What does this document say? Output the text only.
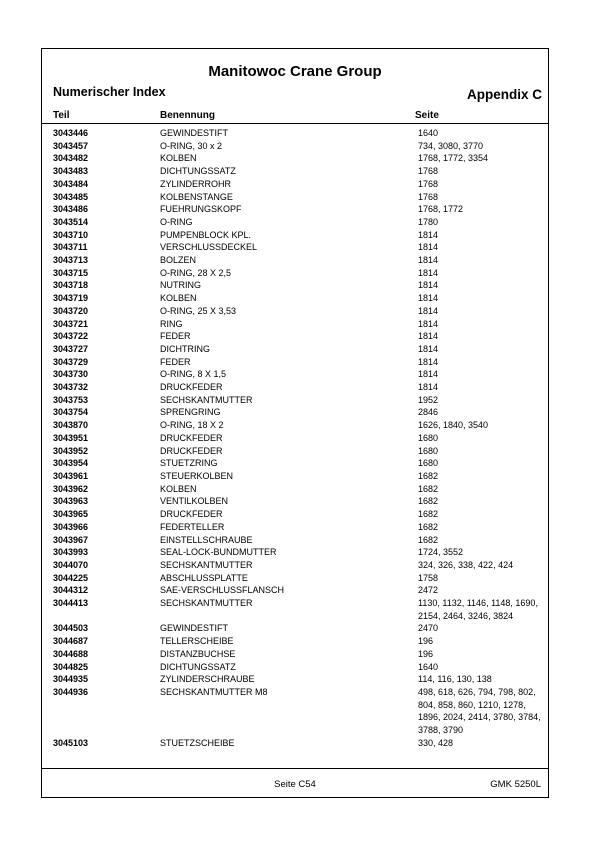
Manitowoc Crane Group
Numerischer Index	Appendix C
Teil	Benennung	Seite
3043446	GEWINDESTIFT	1640
3043457	O-RING, 30 x 2	734, 3080, 3770
3043482	KOLBEN	1768, 1772, 3354
3043483	DICHTUNGSSATZ	1768
3043484	ZYLINDERROHR	1768
3043485	KOLBENSTANGE	1768
3043486	FUEHRUNGSKOPF	1768, 1772
3043514	O-RING	1780
3043710	PUMPENBLOCK KPL.	1814
3043711	VERSCHLUSSDECKEL	1814
3043713	BOLZEN	1814
3043715	O-RING, 28 X 2,5	1814
3043718	NUTRING	1814
3043719	KOLBEN	1814
3043720	O-RING, 25 X 3,53	1814
3043721	RING	1814
3043722	FEDER	1814
3043727	DICHTRING	1814
3043729	FEDER	1814
3043730	O-RING, 8 X 1,5	1814
3043732	DRUCKFEDER	1814
3043753	SECHSKANTMUTTER	1952
3043754	SPRENGRING	2846
3043870	O-RING, 18 X 2	1626, 1840, 3540
3043951	DRUCKFEDER	1680
3043952	DRUCKFEDER	1680
3043954	STUETZRING	1680
3043961	STEUERKOLBEN	1682
3043962	KOLBEN	1682
3043963	VENTILKOLBEN	1682
3043965	DRUCKFEDER	1682
3043966	FEDERTELLER	1682
3043967	EINSTELLSCHRAUBE	1682
3043993	SEAL-LOCK-BUNDMUTTER	1724, 3552
3044070	SECHSKANTMUTTER	324, 326, 338, 422, 424
3044225	ABSCHLUSSPLATTE	1758
3044312	SAE-VERSCHLUSSFLANSCH	2472
3044413	SECHSKANTMUTTER	1130, 1132, 1146, 1148, 1690, 2154, 2464, 3246, 3824
3044503	GEWINDESTIFT	2470
3044687	TELLERSCHEIBE	196
3044688	DISTANZBUCHSE	196
3044825	DICHTUNGSSATZ	1640
3044935	ZYLINDERSCHRAUBE	114, 116, 130, 138
3044936	SECHSKANTMUTTER M8	498, 618, 626, 794, 798, 802, 804, 858, 860, 1210, 1278, 1896, 2024, 2414, 3780, 3784, 3788, 3790
3045103	STUETZSCHEIBE	330, 428
Seite C54	GMK 5250L
